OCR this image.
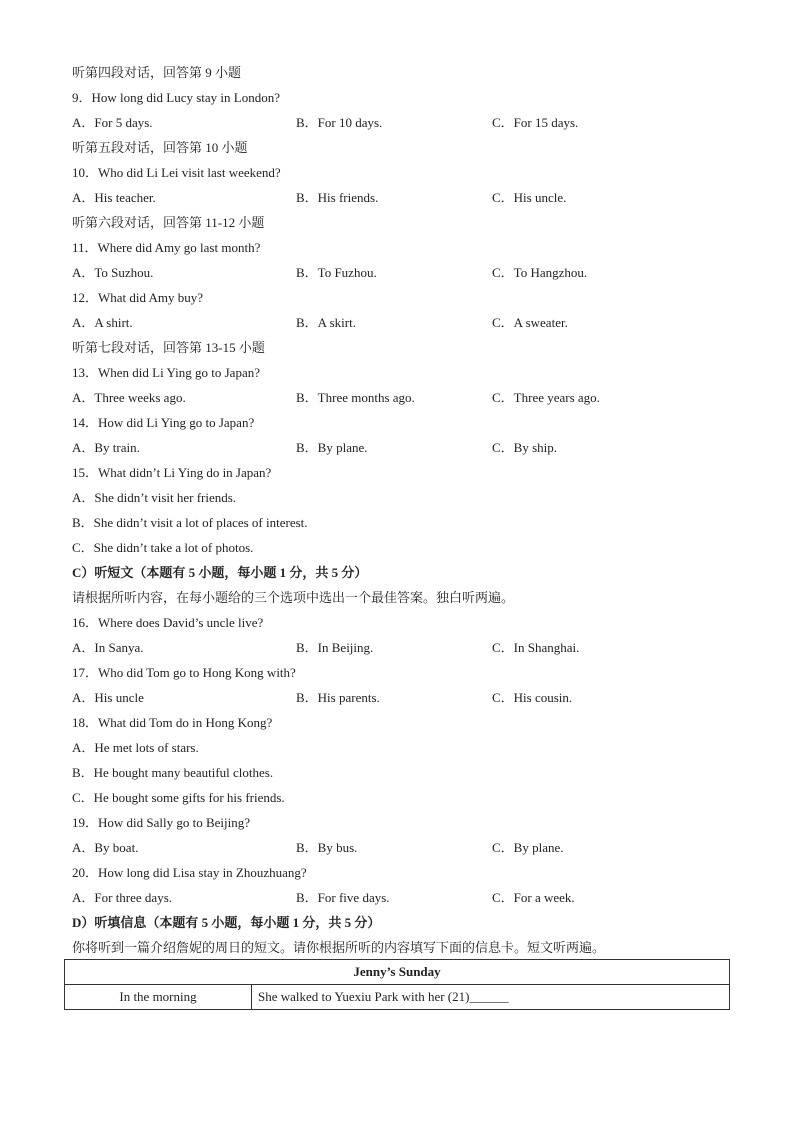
听第四段对话，回答第 9 小题
9．How long did Lucy stay in London?
A．For 5 days.	B．For 10 days.	C．For 15 days.
听第五段对话，回答第 10 小题
10．Who did Li Lei visit last weekend?
A．His teacher.	B．His friends.	C．His uncle.
听第六段对话，回答第 11-12 小题
11．Where did Amy go last month?
A．To Suzhou.	B．To Fuzhou.	C．To Hangzhou.
12．What did Amy buy?
A．A shirt.	B．A skirt.	C．A sweater.
听第七段对话，回答第 13-15 小题
13．When did Li Ying go to Japan?
A．Three weeks ago.	B．Three months ago.	C．Three years ago.
14．How did Li Ying go to Japan?
A．By train.	B．By plane.	C．By ship.
15．What didn’t Li Ying do in Japan?
A．She didn’t visit her friends.
B．She didn’t visit a lot of places of interest.
C．She didn’t take a lot of photos.
C）听短文（本题有 5 小题，每小题 1 分，共 5 分）
请根据所听内容，在每小题给的三个选项中选出一个最佳答案。独白听两遍。
16．Where does David’s uncle live?
A．In Sanya.	B．In Beijing.	C．In Shanghai.
17．Who did Tom go to Hong Kong with?
A．His uncle	B．His parents.	C．His cousin.
18．What did Tom do in Hong Kong?
A．He met lots of stars.
B．He bought many beautiful clothes.
C．He bought some gifts for his friends.
19．How did Sally go to Beijing?
A．By boat.	B．By bus.	C．By plane.
20．How long did Lisa stay in Zhouzhuang?
A．For three days.	B．For five days.	C．For a week.
D）听填信息（本题有 5 小题，每小题 1 分，共 5 分）
你将听到一篇介绍詹妮的周日的短文。请你根据所听的内容填写下面的信息卡。短文听两遍。
Jenny’s Sunday
In the morning	She walked to Yuexiu Park with her (21)______
